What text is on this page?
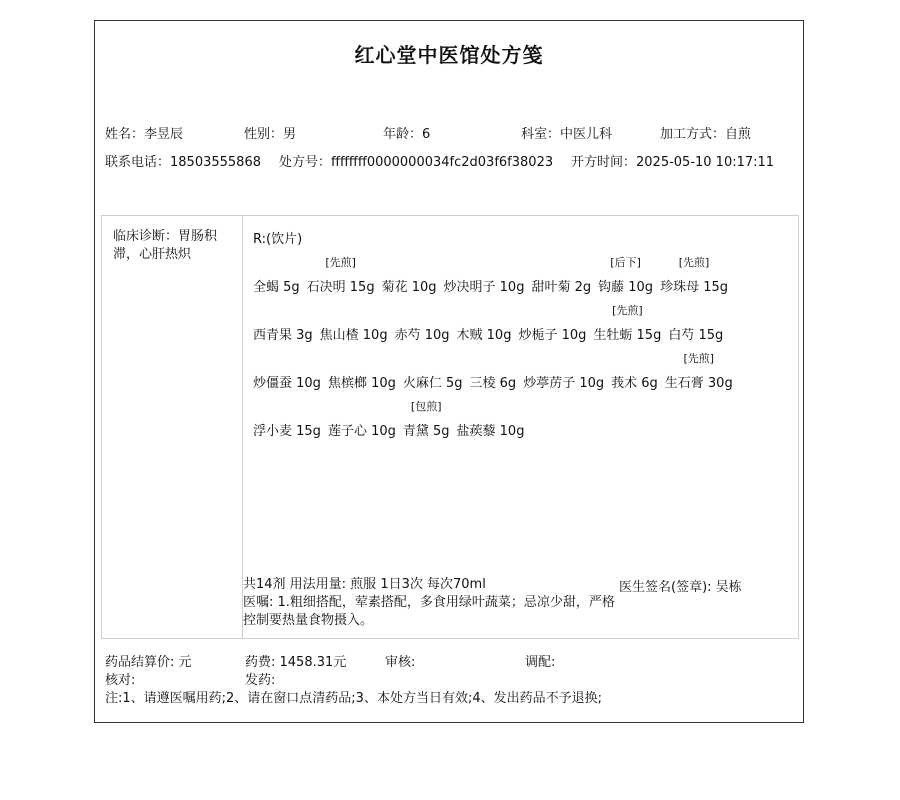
红心堂中医馆处方笺
姓名：李昱辰	性别：男	年龄：6	科室：中医儿科	加工方式：自煎
联系电话：18503555868 处方号：ffffffff0000000034fc2d03f6f38023 开方时间：2025-05-10 10:17:11
临床诊断：胃肠积滞，心肝热炽
R:(饮片)
全蝎 5g 石决明 15g
[先煎]
菊花 10g 炒决明子 10g 甜叶菊 2g 钩藤 10g
[后下]
珍珠母 15g
[先煎]
西青果 3g 焦山楂 10g 赤芍 10g 木贼 10g 炒栀子 10g 生牡蛎 15g
[先煎]
白芍 15g
炒僵蚕 10g 焦槟榔 10g 火麻仁 5g 三棱 6g 炒葶苈子 10g 莪术 6g 生石膏 30g
[先煎]
浮小麦 15g 莲子心 10g 青黛 5g
[包煎]
盐蒺藜 10g
共14剂 用法用量: 煎服 1日3次 每次70ml
医嘱: 1.粗细搭配，荤素搭配，多食用绿叶蔬菜；忌凉少甜，严格控制要热量食物摄入。
医生签名(签章): 吴栋
药品结算价: 元	药费: 1458.31元	审核:	调配:
核对:	发药:
注:1、请遵医嘱用药;2、请在窗口点清药品;3、本处方当日有效;4、发出药品不予退换;
